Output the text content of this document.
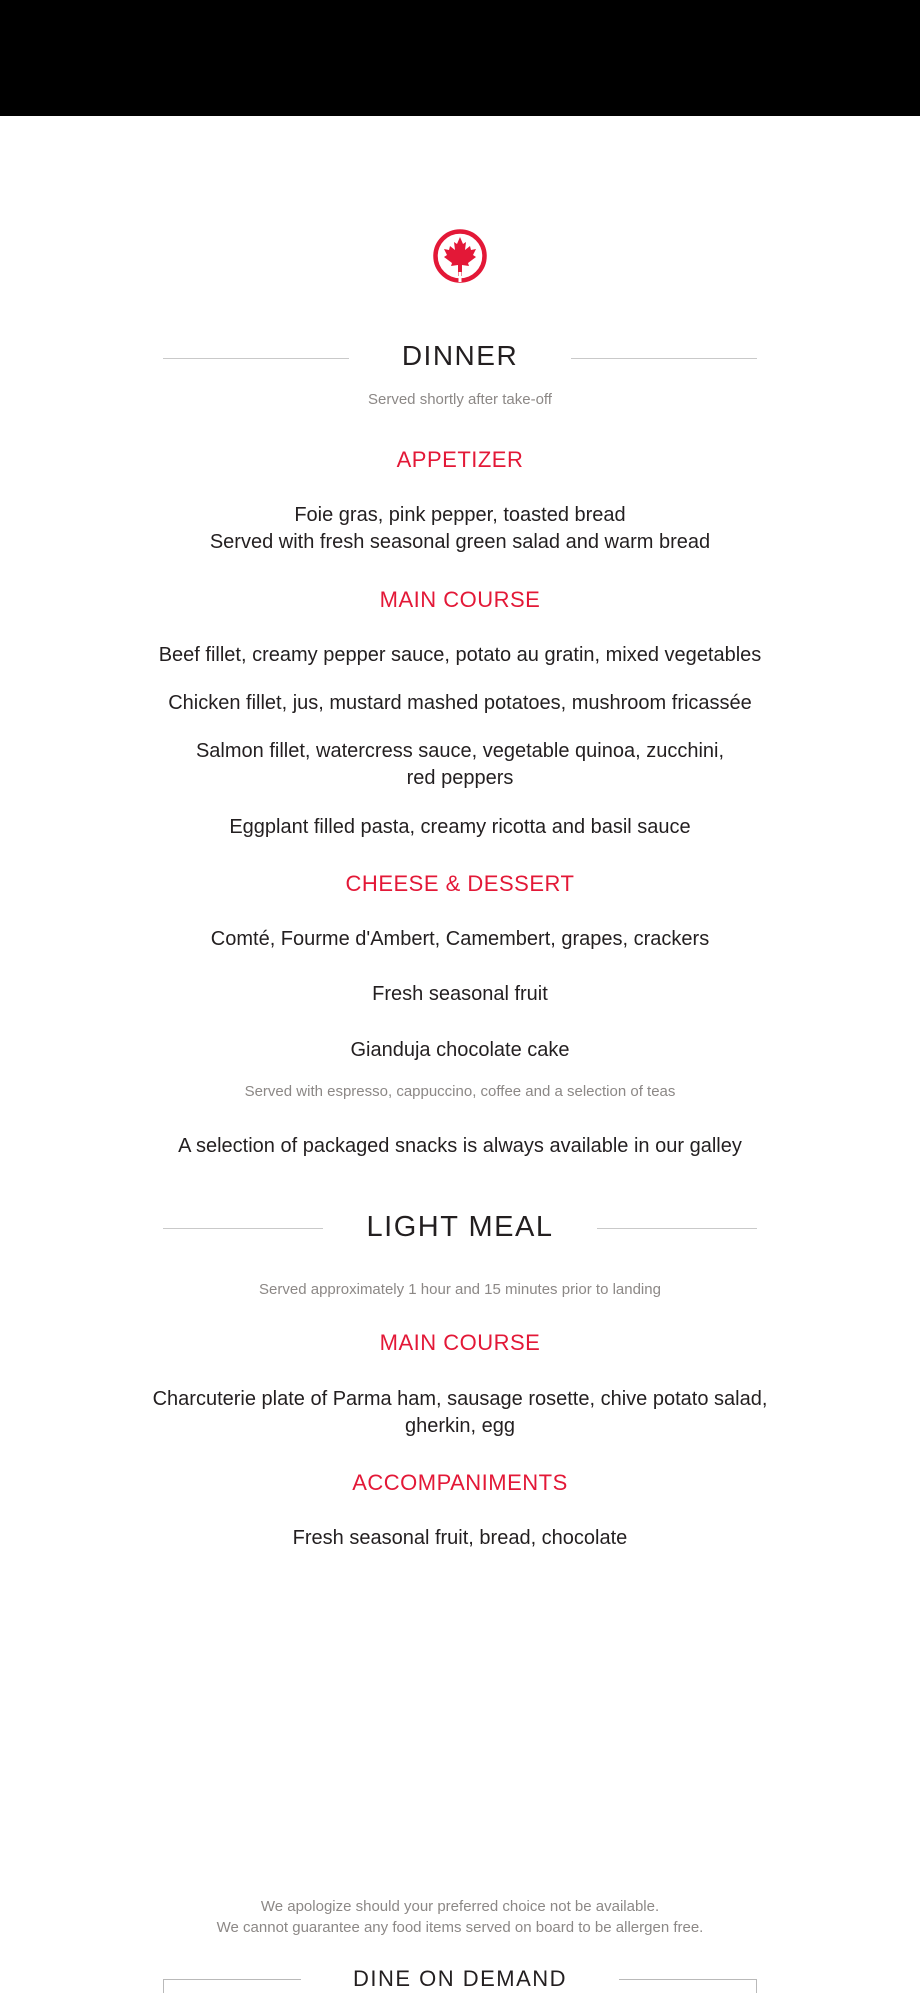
DINNER
Served shortly after take-off
APPETIZER
Foie gras, pink pepper, toasted bread
Served with fresh seasonal green salad and warm bread
MAIN COURSE
Beef fillet, creamy pepper sauce, potato au gratin, mixed vegetables
Chicken fillet, jus, mustard mashed potatoes, mushroom fricassée
Salmon fillet, watercress sauce, vegetable quinoa, zucchini,
red peppers
Eggplant filled pasta, creamy ricotta and basil sauce
CHEESE & DESSERT
Comté, Fourme d'Ambert, Camembert, grapes, crackers
Fresh seasonal fruit
Gianduja chocolate cake
Served with espresso, cappuccino, coffee and a selection of teas
A selection of packaged snacks is always available in our galley
LIGHT MEAL
Served approximately 1 hour and 15 minutes prior to landing
MAIN COURSE
Charcuterie plate of Parma ham, sausage rosette, chive potato salad,
gherkin, egg
ACCOMPANIMENTS
Fresh seasonal fruit, bread, chocolate
We apologize should your preferred choice not be available.
We cannot guarantee any food items served on board to be allergen free.
DINE ON DEMAND
